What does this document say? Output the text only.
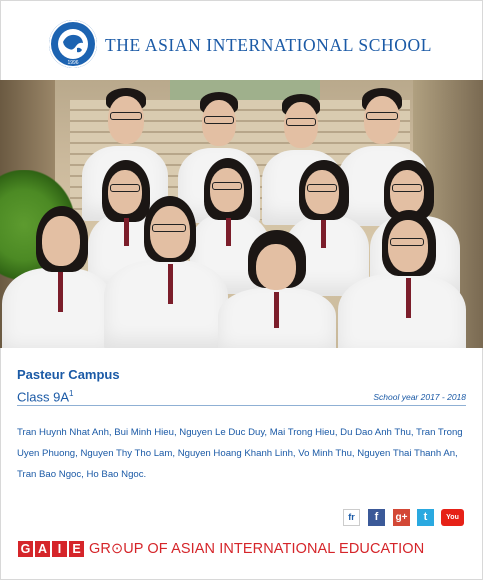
1996
THE ASIAN INTERNATIONAL SCHOOL
Pasteur Campus
Class $9A^1$	School year 2017 - 2018
Tran Huynh Nhat Anh, Bui Minh Hieu, Nguyen Le Duc Duy, Mai Trong Hieu, Du Dao Anh Thu, Tran Trong Uyen Phuong, Nguyen Thy Tho Lam, Nguyen Hoang Khanh Linh, Vo Minh Thu, Nguyen Thai Thanh An, Tran Bao Ngoc, Ho Bao Ngoc.
fr	f	g+	t	You Tube
G A I E GR⊙UP OF ASIAN INTERNATIONAL EDUCATION
